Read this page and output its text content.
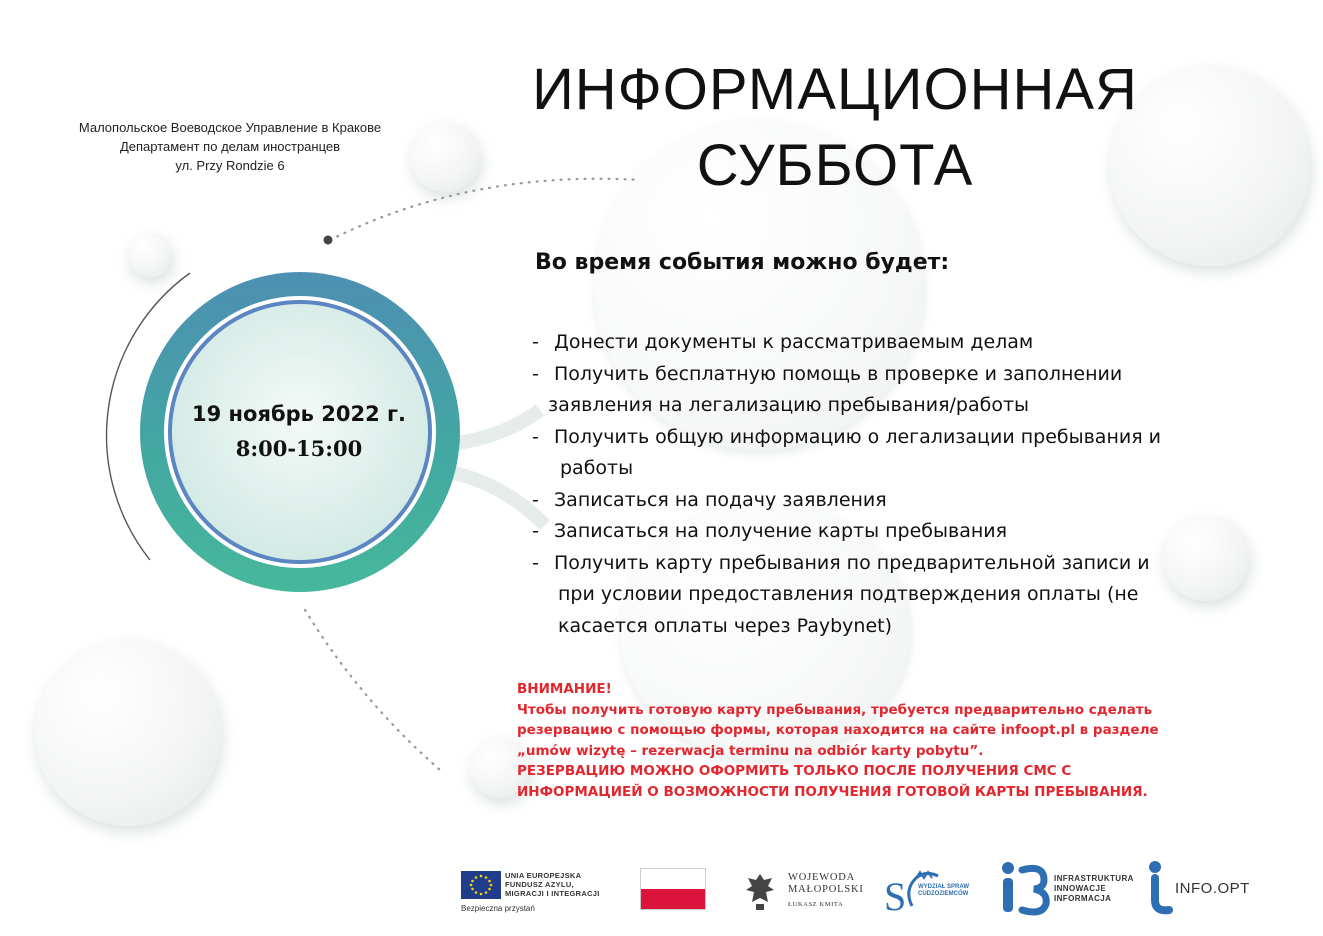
19 ноябрь 2022 г.
8:00-15:00
Малопольское Воеводское Управление в Кракове
Департамент по делам иностранцев
ул. Przy Rondzie 6
ИНФОРМАЦИОННАЯ
СУББОТА
Во время события можно будет:
- Донести документы к рассматриваемым делам
- Получить бесплатную помощь в проверке и заполнении
заявления на легализацию пребывания/работы
- Получить общую информацию о легализации пребывания и
работы
- Записаться на подачу заявления
- Записаться на получение карты пребывания
- Получить карту пребывания по предварительной записи и
при условии предоставления подтверждения оплаты (не
касается оплаты через Paybynet)
ВНИМАНИЕ!
Чтобы получить готовую карту пребывания, требуется предварительно сделать
резервацию с помощью формы, которая находится на сайте infoopt.pl в разделе
„umów wizytę – rezerwacja terminu na odbiór karty pobytu”.
РЕЗЕРВАЦИЮ МОЖНО ОФОРМИТЬ ТОЛЬКО ПОСЛЕ ПОЛУЧЕНИЯ СМС С
ИНФОРМАЦИЕЙ О ВОЗМОЖНОСТИ ПОЛУЧЕНИЯ ГОТОВОЙ КАРТЫ ПРЕБЫВАНИЯ.
UNIA EUROPEJSKA
FUNDUSZ AZYLU,
MIGRACJI I INTEGRACJI
Bezpieczna przystań
WOJEWODA
MAŁOPOLSKI
ŁUKASZ KMITA	S WYDZIAŁ SPRAW
CUDZOZIEMCÓW
INFRASTRUKTURA
INNOWACJE
INFORMACJA
INFO.OPT
